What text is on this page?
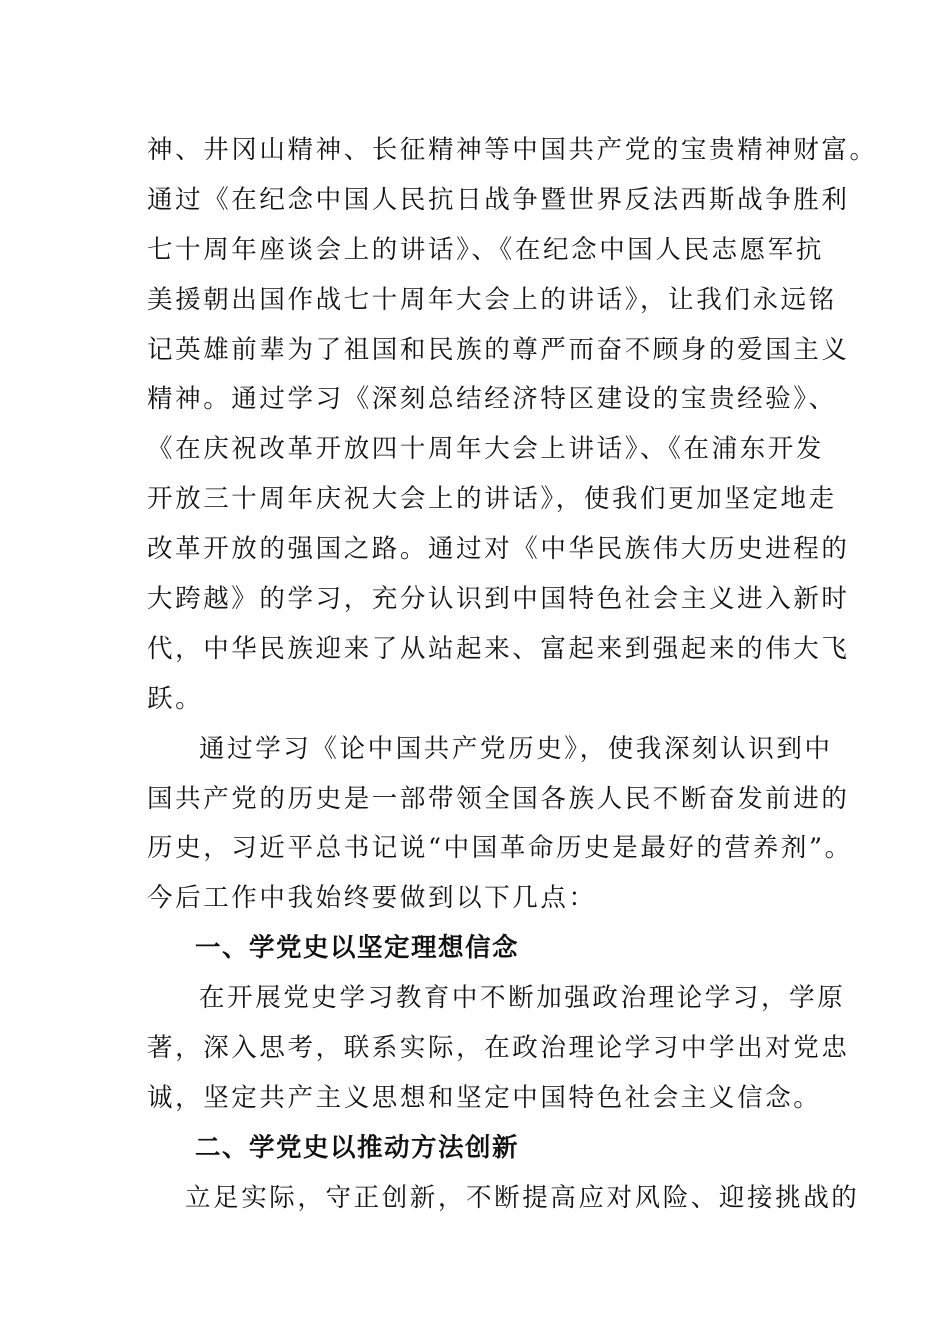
神、井冈山精神、长征精神等中国共产党的宝贵精神财富。
通过《在纪念中国人民抗日战争暨世界反法西斯战争胜利
七十周年座谈会上的讲话》、《在纪念中国人民志愿军抗
美援朝出国作战七十周年大会上的讲话》，让我们永远铭
记英雄前辈为了祖国和民族的尊严而奋不顾身的爱国主义
精神。通过学习《深刻总结经济特区建设的宝贵经验》、
《在庆祝改革开放四十周年大会上讲话》、《在浦东开发
开放三十周年庆祝大会上的讲话》，使我们更加坚定地走
改革开放的强国之路。通过对《中华民族伟大历史进程的
大跨越》的学习，充分认识到中国特色社会主义进入新时
代，中华民族迎来了从站起来、富起来到强起来的伟大飞
跃。
通过学习《论中国共产党历史》，使我深刻认识到中
国共产党的历史是一部带领全国各族人民不断奋发前进的
历史，习近平总书记说“中国革命历史是最好的营养剂”。
今后工作中我始终要做到以下几点：
一、学党史以坚定理想信念
在开展党史学习教育中不断加强政治理论学习，学原
著，深入思考，联系实际，在政治理论学习中学出对党忠
诚，坚定共产主义思想和坚定中国特色社会主义信念。
二、学党史以推动方法创新
立足实际，守正创新，不断提高应对风险、迎接挑战的
